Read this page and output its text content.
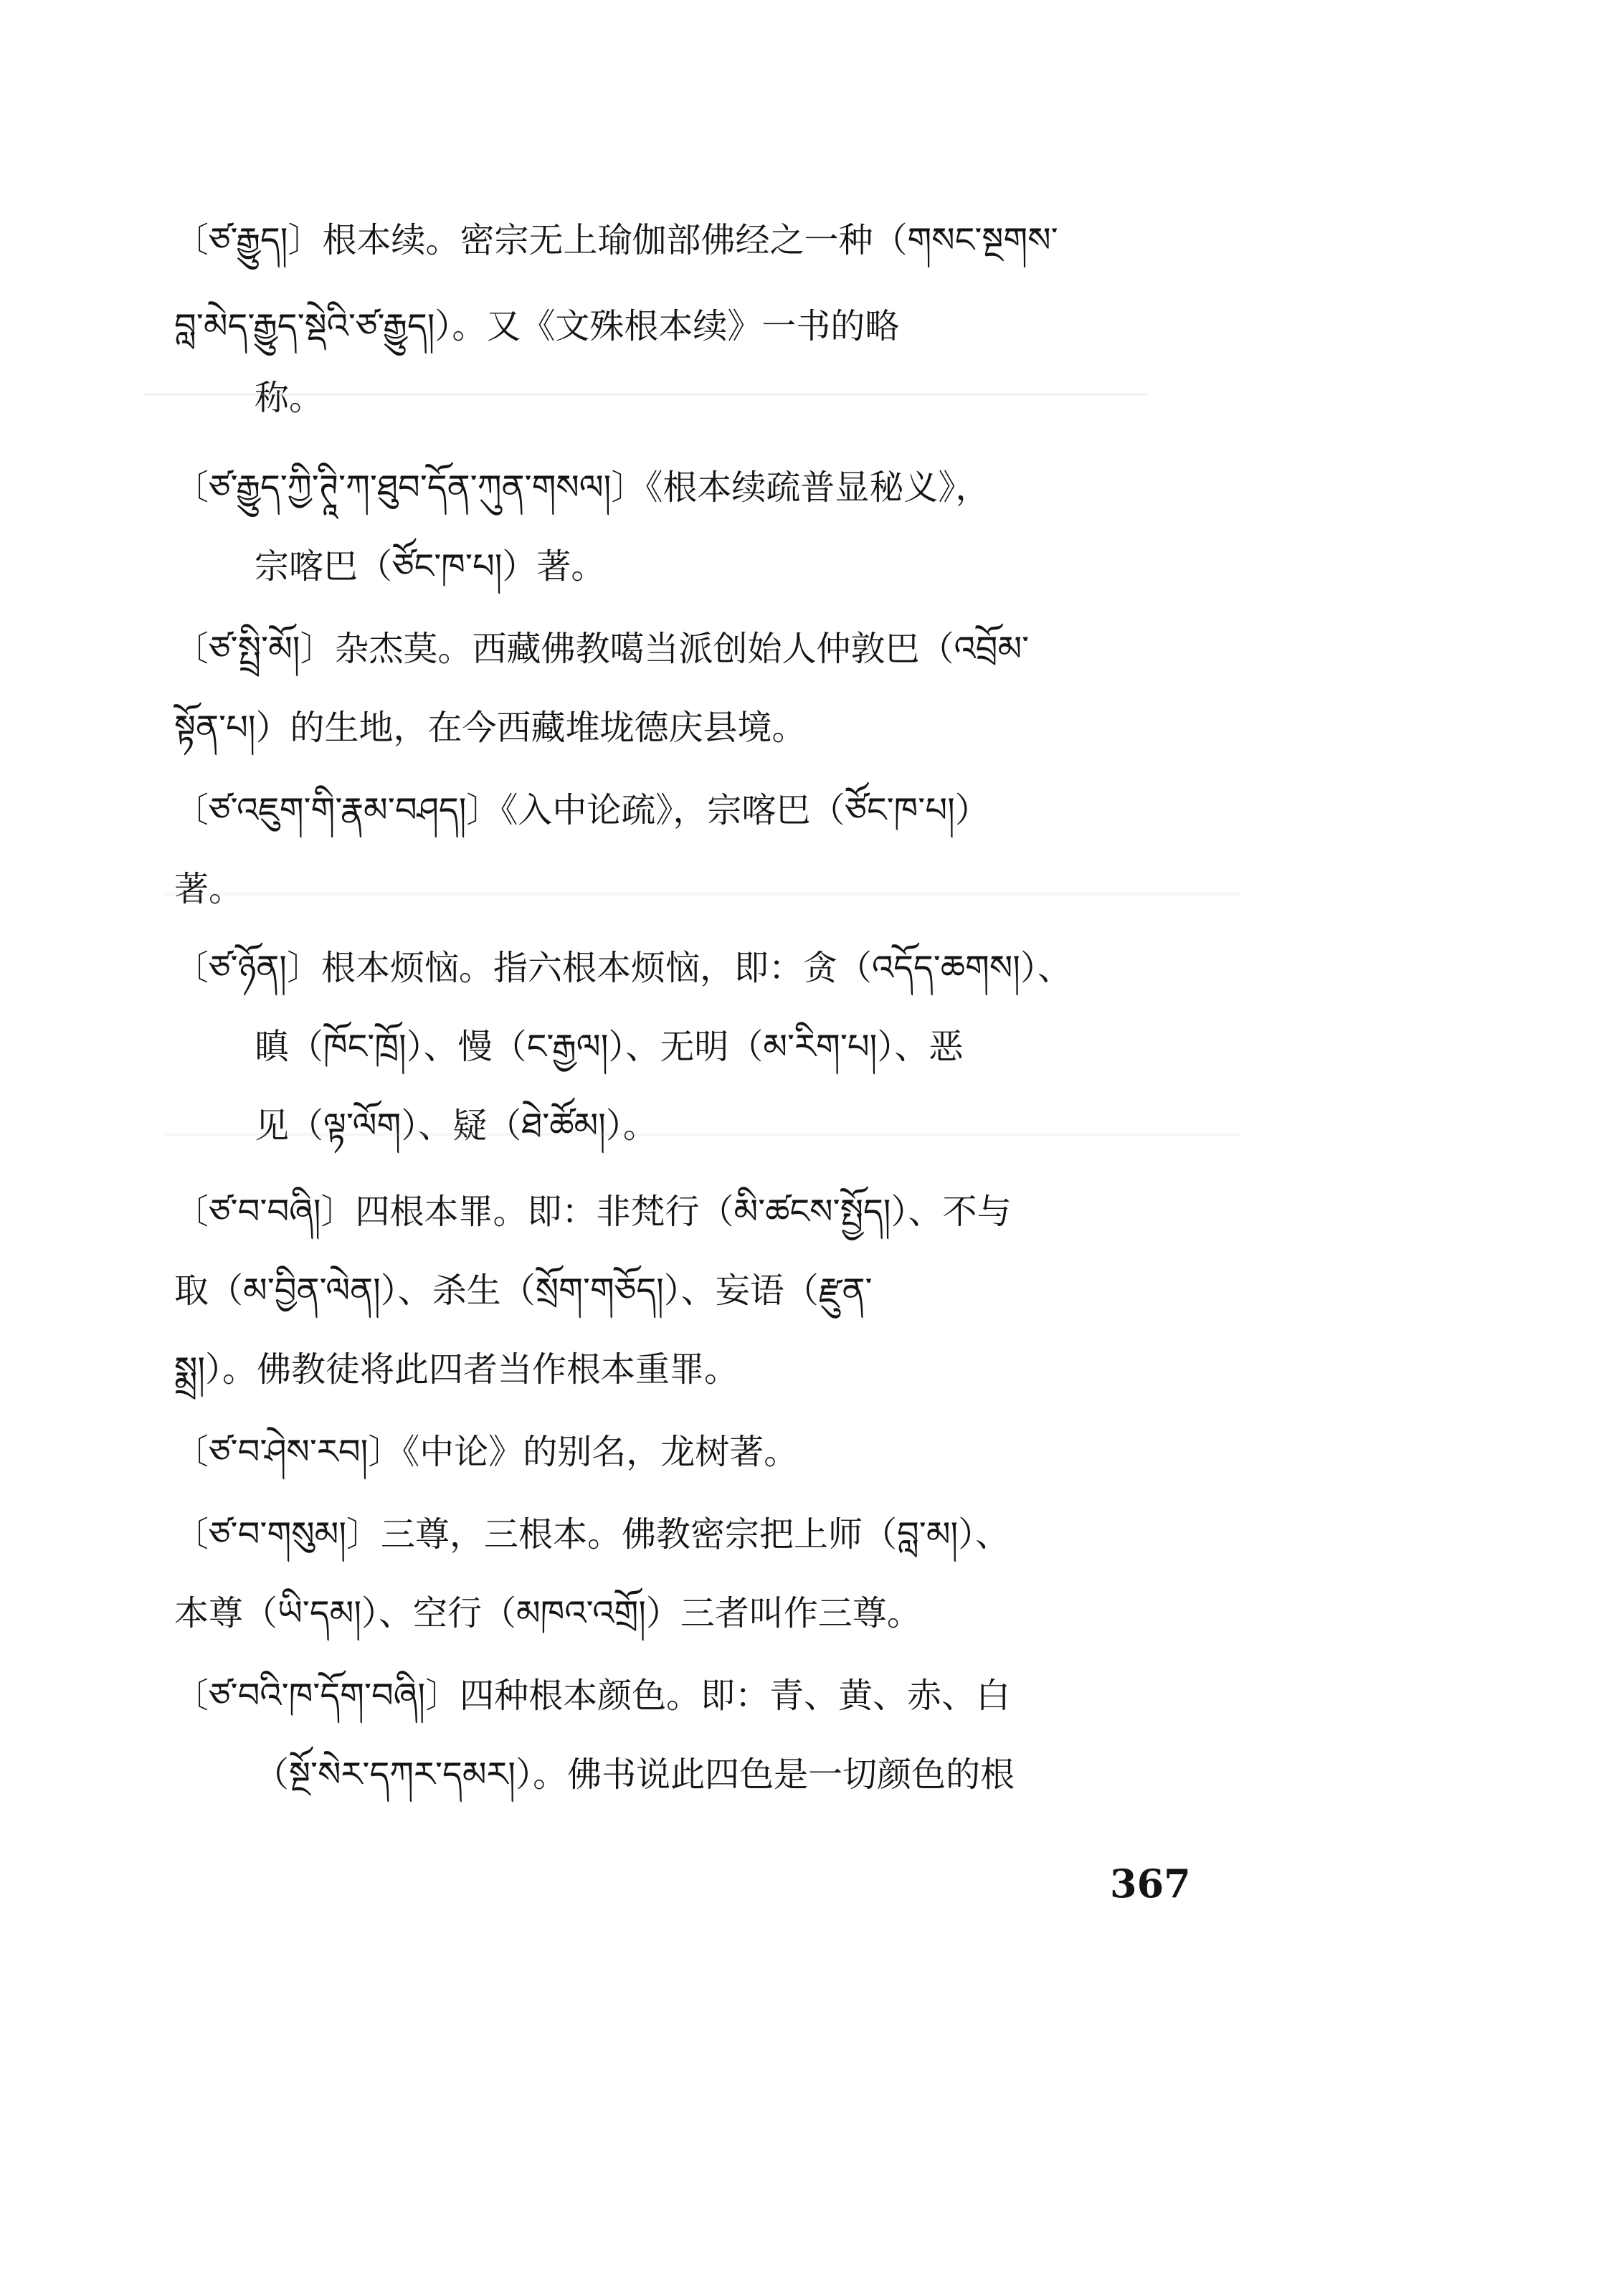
〔ཙ་རྒྱུད།〕根本续。密宗无上瑜伽部佛经之一种（གསང་སྔགས་
བླ་མེད་རྒྱུད་སྡེའི་ཙ་རྒྱུད།）。又《文殊根本续》一书的略
称。
〔ཙ་རྒྱུད་ཀྱི་ཊཱི་ཀ་ཐུབ་དོན་ཀུན་གསལ།〕《根本续疏普显秘义》，
宗喀巴（ཙོང་ཁ་པ།）著。
〔ཙ་སྤྲི་མོ།〕杂杰莫。西藏佛教噶当派创始人仲敦巴（འབྲོམ་
སྟོན་པ།）的生地，在今西藏堆垅德庆县境。
〔ཙ་འཇུག་གི་རྣམ་བཤད།〕《入中论疏》，宗喀巴（ཙོང་ཁ་པ།）
著。
〔ཙ་ཉོན།〕根本烦恼。指六根本烦恼，即：贪（འདོད་ཆགས།）、
瞋（ཁོང་ཁྲོ།）、慢（ང་རྒྱལ།）、无明（མ་རིག་པ།）、恶
见（ལྟ་ལོག）、疑（ཐེ་ཚོམ།）。
〔ཙ་བ་བཞི།〕四根本罪。即：非梵行（མི་ཚངས་སྤྱོད།）、不与
取（མ་བྱིན་ལེན།）、杀生（སྲོག་གཅོད།）、妄语（རྫུན་
སྨྲ།）。佛教徒将此四者当作根本重罪。
〔ཙ་བ་ཤེས་རབ།〕《中论》的别名，龙树著。
〔ཙ་བ་གསུམ།〕三尊，三根本。佛教密宗把上师（བླ་མ།）、
本尊（ཡི་དམ།）、空行（མཁའ་འགྲོ།）三者叫作三尊。
〔ཙ་བའི་ཁ་དོག་བཞི།〕四种根本颜色。即：青、黄、赤、白
（སྔོ་སེར་དཀར་དམར།）。佛书说此四色是一切颜色的根
367
